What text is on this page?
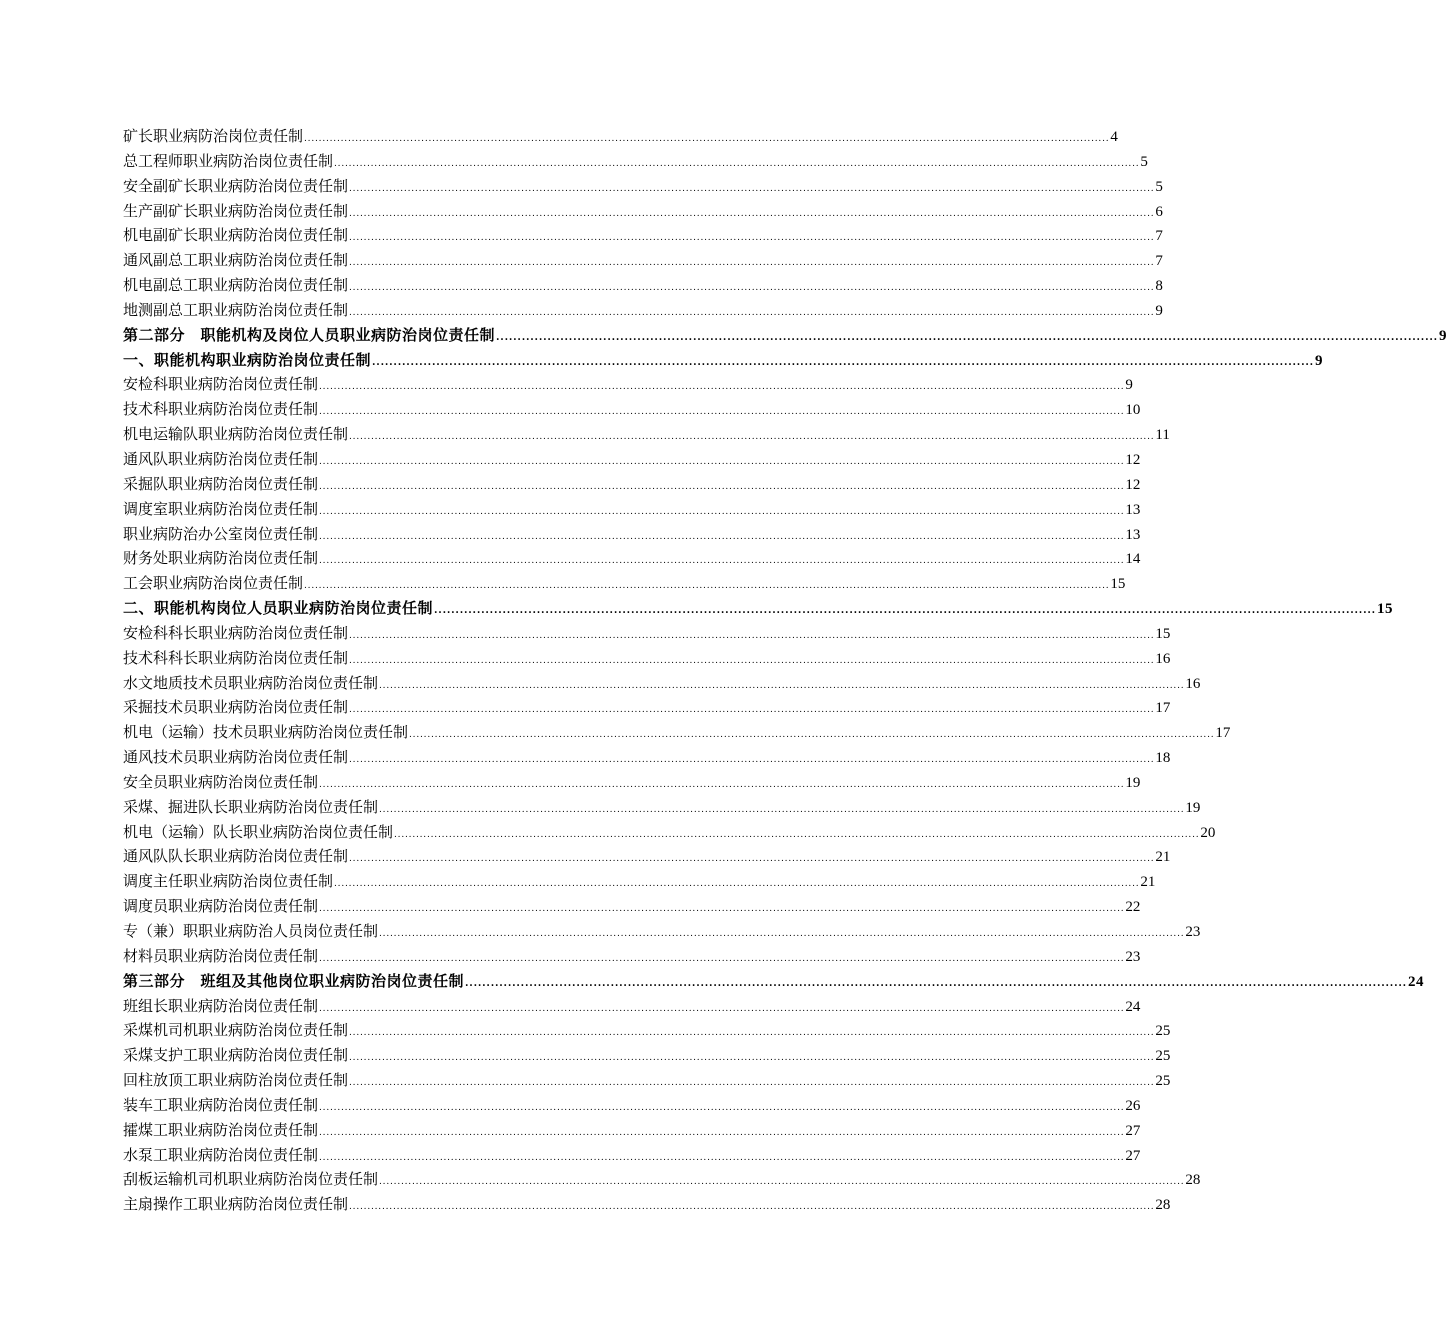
矿长职业病防治岗位责任制 ............................................................................................................................................................................................................................ 4
总工程师职业病防治岗位责任制 ............................................................................................................................................................................................................................ 5
安全副矿长职业病防治岗位责任制 ............................................................................................................................................................................................................................ 5
生产副矿长职业病防治岗位责任制 ............................................................................................................................................................................................................................ 6
机电副矿长职业病防治岗位责任制 ............................................................................................................................................................................................................................ 7
通风副总工职业病防治岗位责任制 ............................................................................................................................................................................................................................ 7
机电副总工职业病防治岗位责任制 ............................................................................................................................................................................................................................ 8
地测副总工职业病防治岗位责任制 ............................................................................................................................................................................................................................ 9
第二部分　职能机构及岗位人员职业病防治岗位责任制 ............................................................................................................................................................................................................................ 9
一、职能机构职业病防治岗位责任制 ............................................................................................................................................................................................................................ 9
安检科职业病防治岗位责任制 ............................................................................................................................................................................................................................ 9
技术科职业病防治岗位责任制 ............................................................................................................................................................................................................................ 10
机电运输队职业病防治岗位责任制 ............................................................................................................................................................................................................................ 11
通风队职业病防治岗位责任制 ............................................................................................................................................................................................................................ 12
采掘队职业病防治岗位责任制 ............................................................................................................................................................................................................................ 12
调度室职业病防治岗位责任制 ............................................................................................................................................................................................................................ 13
职业病防治办公室岗位责任制 ............................................................................................................................................................................................................................ 13
财务处职业病防治岗位责任制 ............................................................................................................................................................................................................................ 14
工会职业病防治岗位责任制 ............................................................................................................................................................................................................................ 15
二、职能机构岗位人员职业病防治岗位责任制 ............................................................................................................................................................................................................................ 15
安检科科长职业病防治岗位责任制 ............................................................................................................................................................................................................................ 15
技术科科长职业病防治岗位责任制 ............................................................................................................................................................................................................................ 16
水文地质技术员职业病防治岗位责任制 ............................................................................................................................................................................................................................ 16
采掘技术员职业病防治岗位责任制 ............................................................................................................................................................................................................................ 17
机电（运输）技术员职业病防治岗位责任制 ............................................................................................................................................................................................................................ 17
通风技术员职业病防治岗位责任制 ............................................................................................................................................................................................................................ 18
安全员职业病防治岗位责任制 ............................................................................................................................................................................................................................ 19
采煤、掘进队长职业病防治岗位责任制 ............................................................................................................................................................................................................................ 19
机电（运输）队长职业病防治岗位责任制 ............................................................................................................................................................................................................................ 20
通风队队长职业病防治岗位责任制 ............................................................................................................................................................................................................................ 21
调度主任职业病防治岗位责任制 ............................................................................................................................................................................................................................ 21
调度员职业病防治岗位责任制 ............................................................................................................................................................................................................................ 22
专（兼）职职业病防治人员岗位责任制 ............................................................................................................................................................................................................................ 23
材料员职业病防治岗位责任制 ............................................................................................................................................................................................................................ 23
第三部分　班组及其他岗位职业病防治岗位责任制 ............................................................................................................................................................................................................................ 24
班组长职业病防治岗位责任制 ............................................................................................................................................................................................................................ 24
采煤机司机职业病防治岗位责任制 ............................................................................................................................................................................................................................ 25
采煤支护工职业病防治岗位责任制 ............................................................................................................................................................................................................................ 25
回柱放顶工职业病防治岗位责任制 ............................................................................................................................................................................................................................ 25
装车工职业病防治岗位责任制 ............................................................................................................................................................................................................................ 26
攉煤工职业病防治岗位责任制 ............................................................................................................................................................................................................................ 27
水泵工职业病防治岗位责任制 ............................................................................................................................................................................................................................ 27
刮板运输机司机职业病防治岗位责任制 ............................................................................................................................................................................................................................ 28
主扇操作工职业病防治岗位责任制 ............................................................................................................................................................................................................................ 28
